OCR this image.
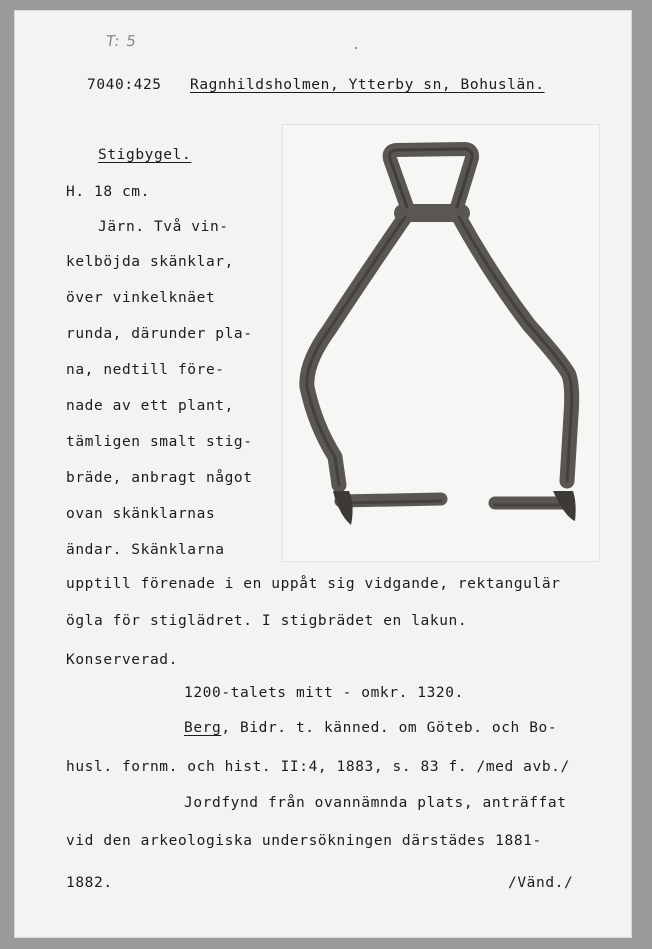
T: 5
7040:425 Ragnhildsholmen, Ytterby sn, Bohuslän.
Stigbygel.
H. 18 cm.
Järn. Två vin-
kelböjda skänklar,
över vinkelknäet
runda, därunder pla-
na, nedtill före-
nade av ett plant,
tämligen smalt stig-
bräde, anbragt något
ovan skänklarnas
ändar. Skänklarna
upptill förenade i en uppåt sig vidgande, rektangulär
ögla för stiglädret. I stigbrädet en lakun.
Konserverad.
1200-talets mitt - omkr. 1320.
Berg, Bidr. t. känned. om Göteb. och Bo-
husl. fornm. och hist. II:4, 1883, s. 83 f. /med avb./
Jordfynd från ovannämnda plats, anträffat
vid den arkeologiska undersökningen därstädes 1881-
1882.	/Vänd./
